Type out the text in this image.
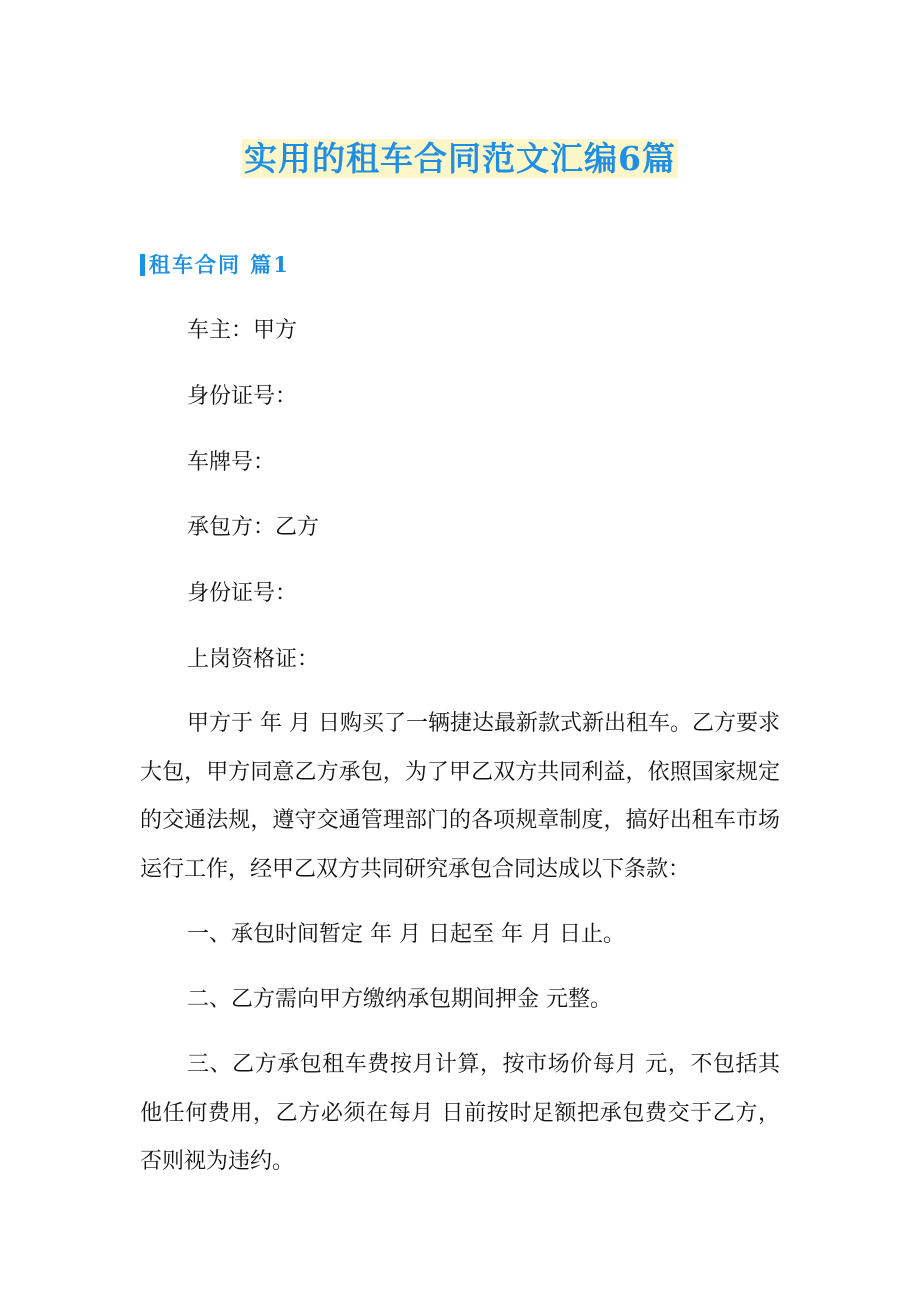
实用的租车合同范文汇编6篇
租车合同 篇1
车主：甲方
身份证号：
车牌号：
承包方：乙方
身份证号：
上岗资格证：
甲方于 年 月 日购买了一辆捷达最新款式新出租车。乙方要求大包，甲方同意乙方承包，为了甲乙双方共同利益，依照国家规定的交通法规，遵守交通管理部门的各项规章制度，搞好出租车市场运行工作，经甲乙双方共同研究承包合同达成以下条款：
一、承包时间暂定 年 月 日起至 年 月 日止。
二、乙方需向甲方缴纳承包期间押金 元整。
三、乙方承包租车费按月计算，按市场价每月 元，不包括其他任何费用，乙方必须在每月 日前按时足额把承包费交于乙方，否则视为违约。
